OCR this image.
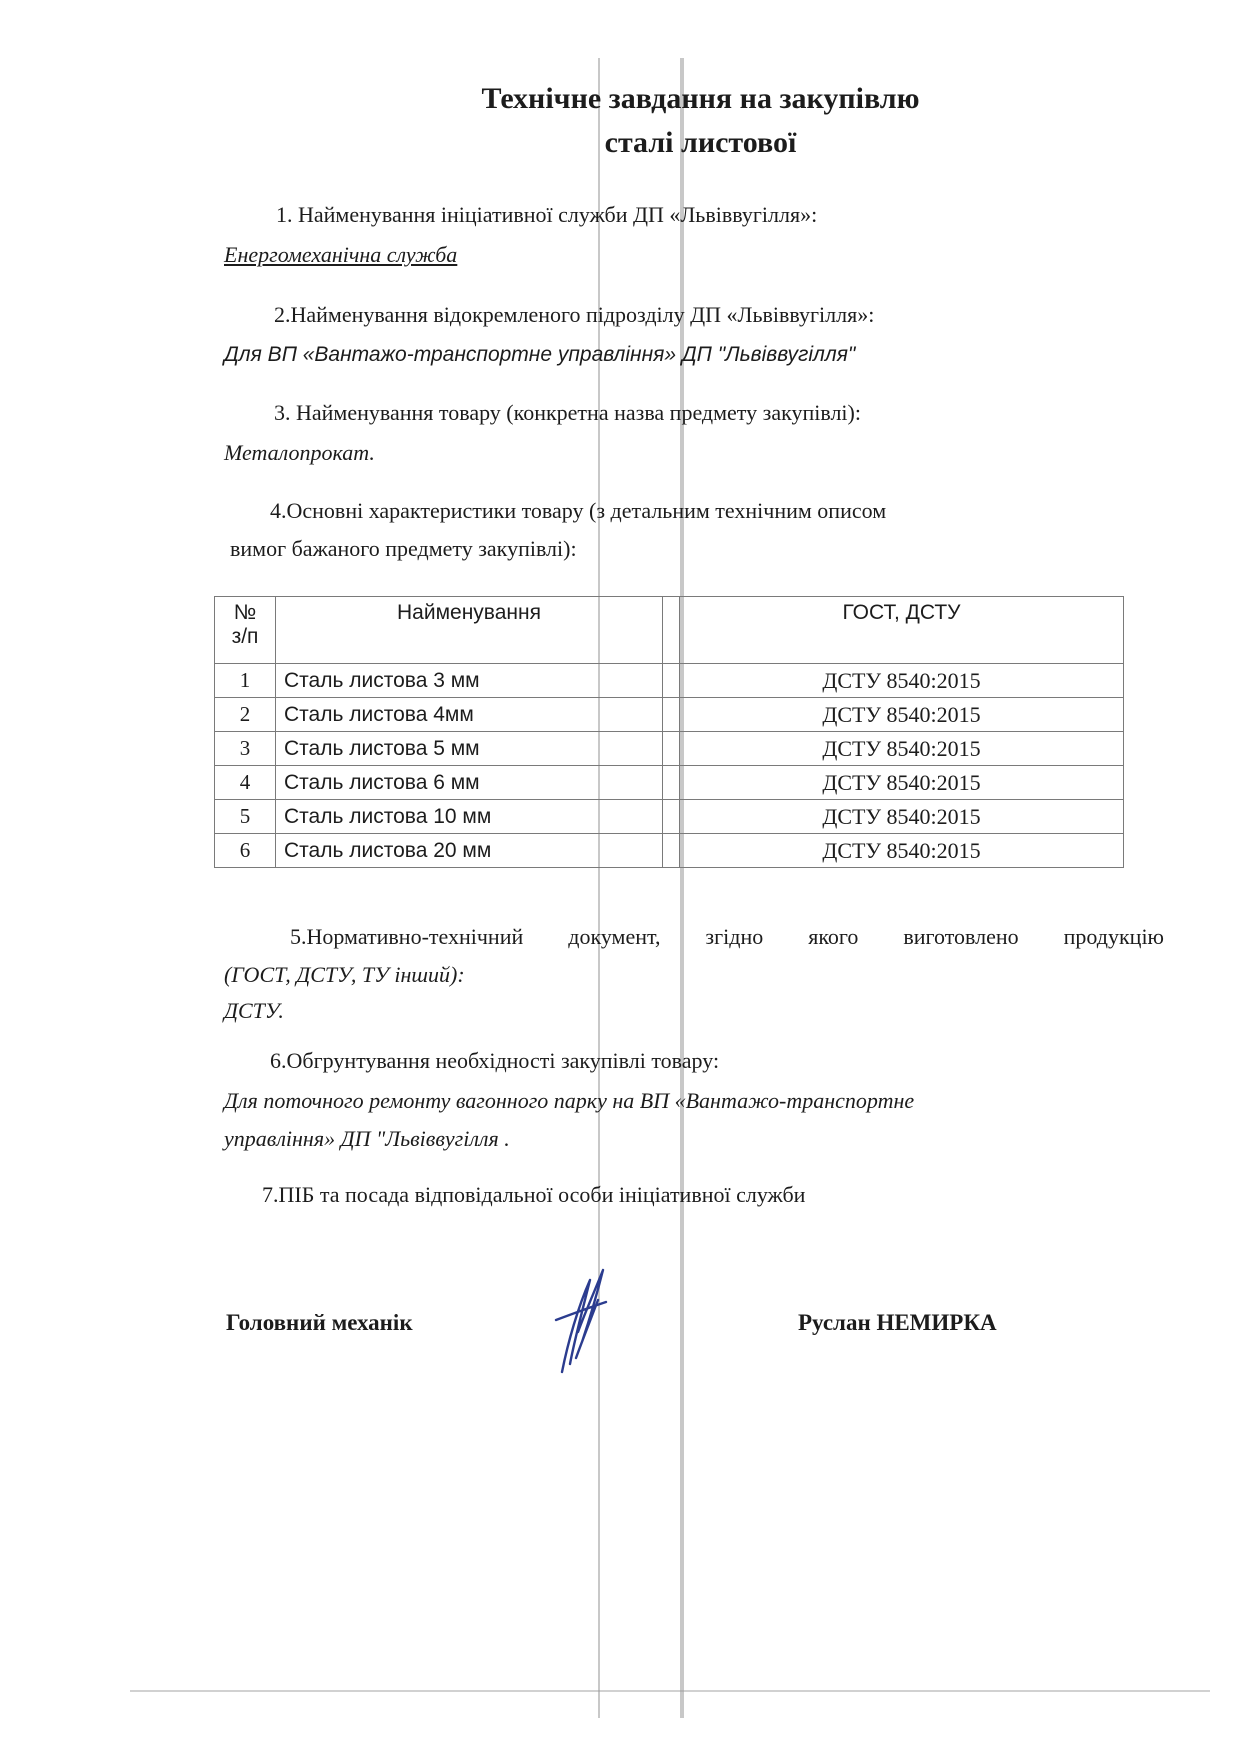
Технічне завдання на закупівлю
сталі листової
1. Найменування ініціативної служби ДП «Львіввугілля»:
Енергомеханічна служба
2.Найменування відокремленого підрозділу ДП «Львіввугілля»:
Для ВП «Вантажо-транспортне управління» ДП "Львіввугілля"
3. Найменування товару (конкретна назва предмету закупівлі):
Металопрокат.
4.Основні характеристики товару (з детальним технічним описом
вимог бажаного предмету закупівлі):
№
з/п	Найменування		ГОСТ, ДСТУ
1	Сталь листова 3 мм		ДСТУ 8540:2015
2	Сталь листова 4мм		ДСТУ 8540:2015
3	Сталь листова 5 мм		ДСТУ 8540:2015
4	Сталь листова 6 мм		ДСТУ 8540:2015
5	Сталь листова 10 мм		ДСТУ 8540:2015
6	Сталь листова 20 мм		ДСТУ 8540:2015
5.Нормативно-технічний документ, згідно якого виготовлено продукцію
(ГОСТ, ДСТУ, ТУ інший):
ДСТУ.
6.Обгрунтування необхідності закупівлі товару:
Для поточного ремонту вагонного парку на ВП «Вантажо-транспортне
управління» ДП "Львіввугілля .
7.ПІБ та посада відповідальної особи ініціативної служби
Головний механік	Руслан НЕМИРКА
